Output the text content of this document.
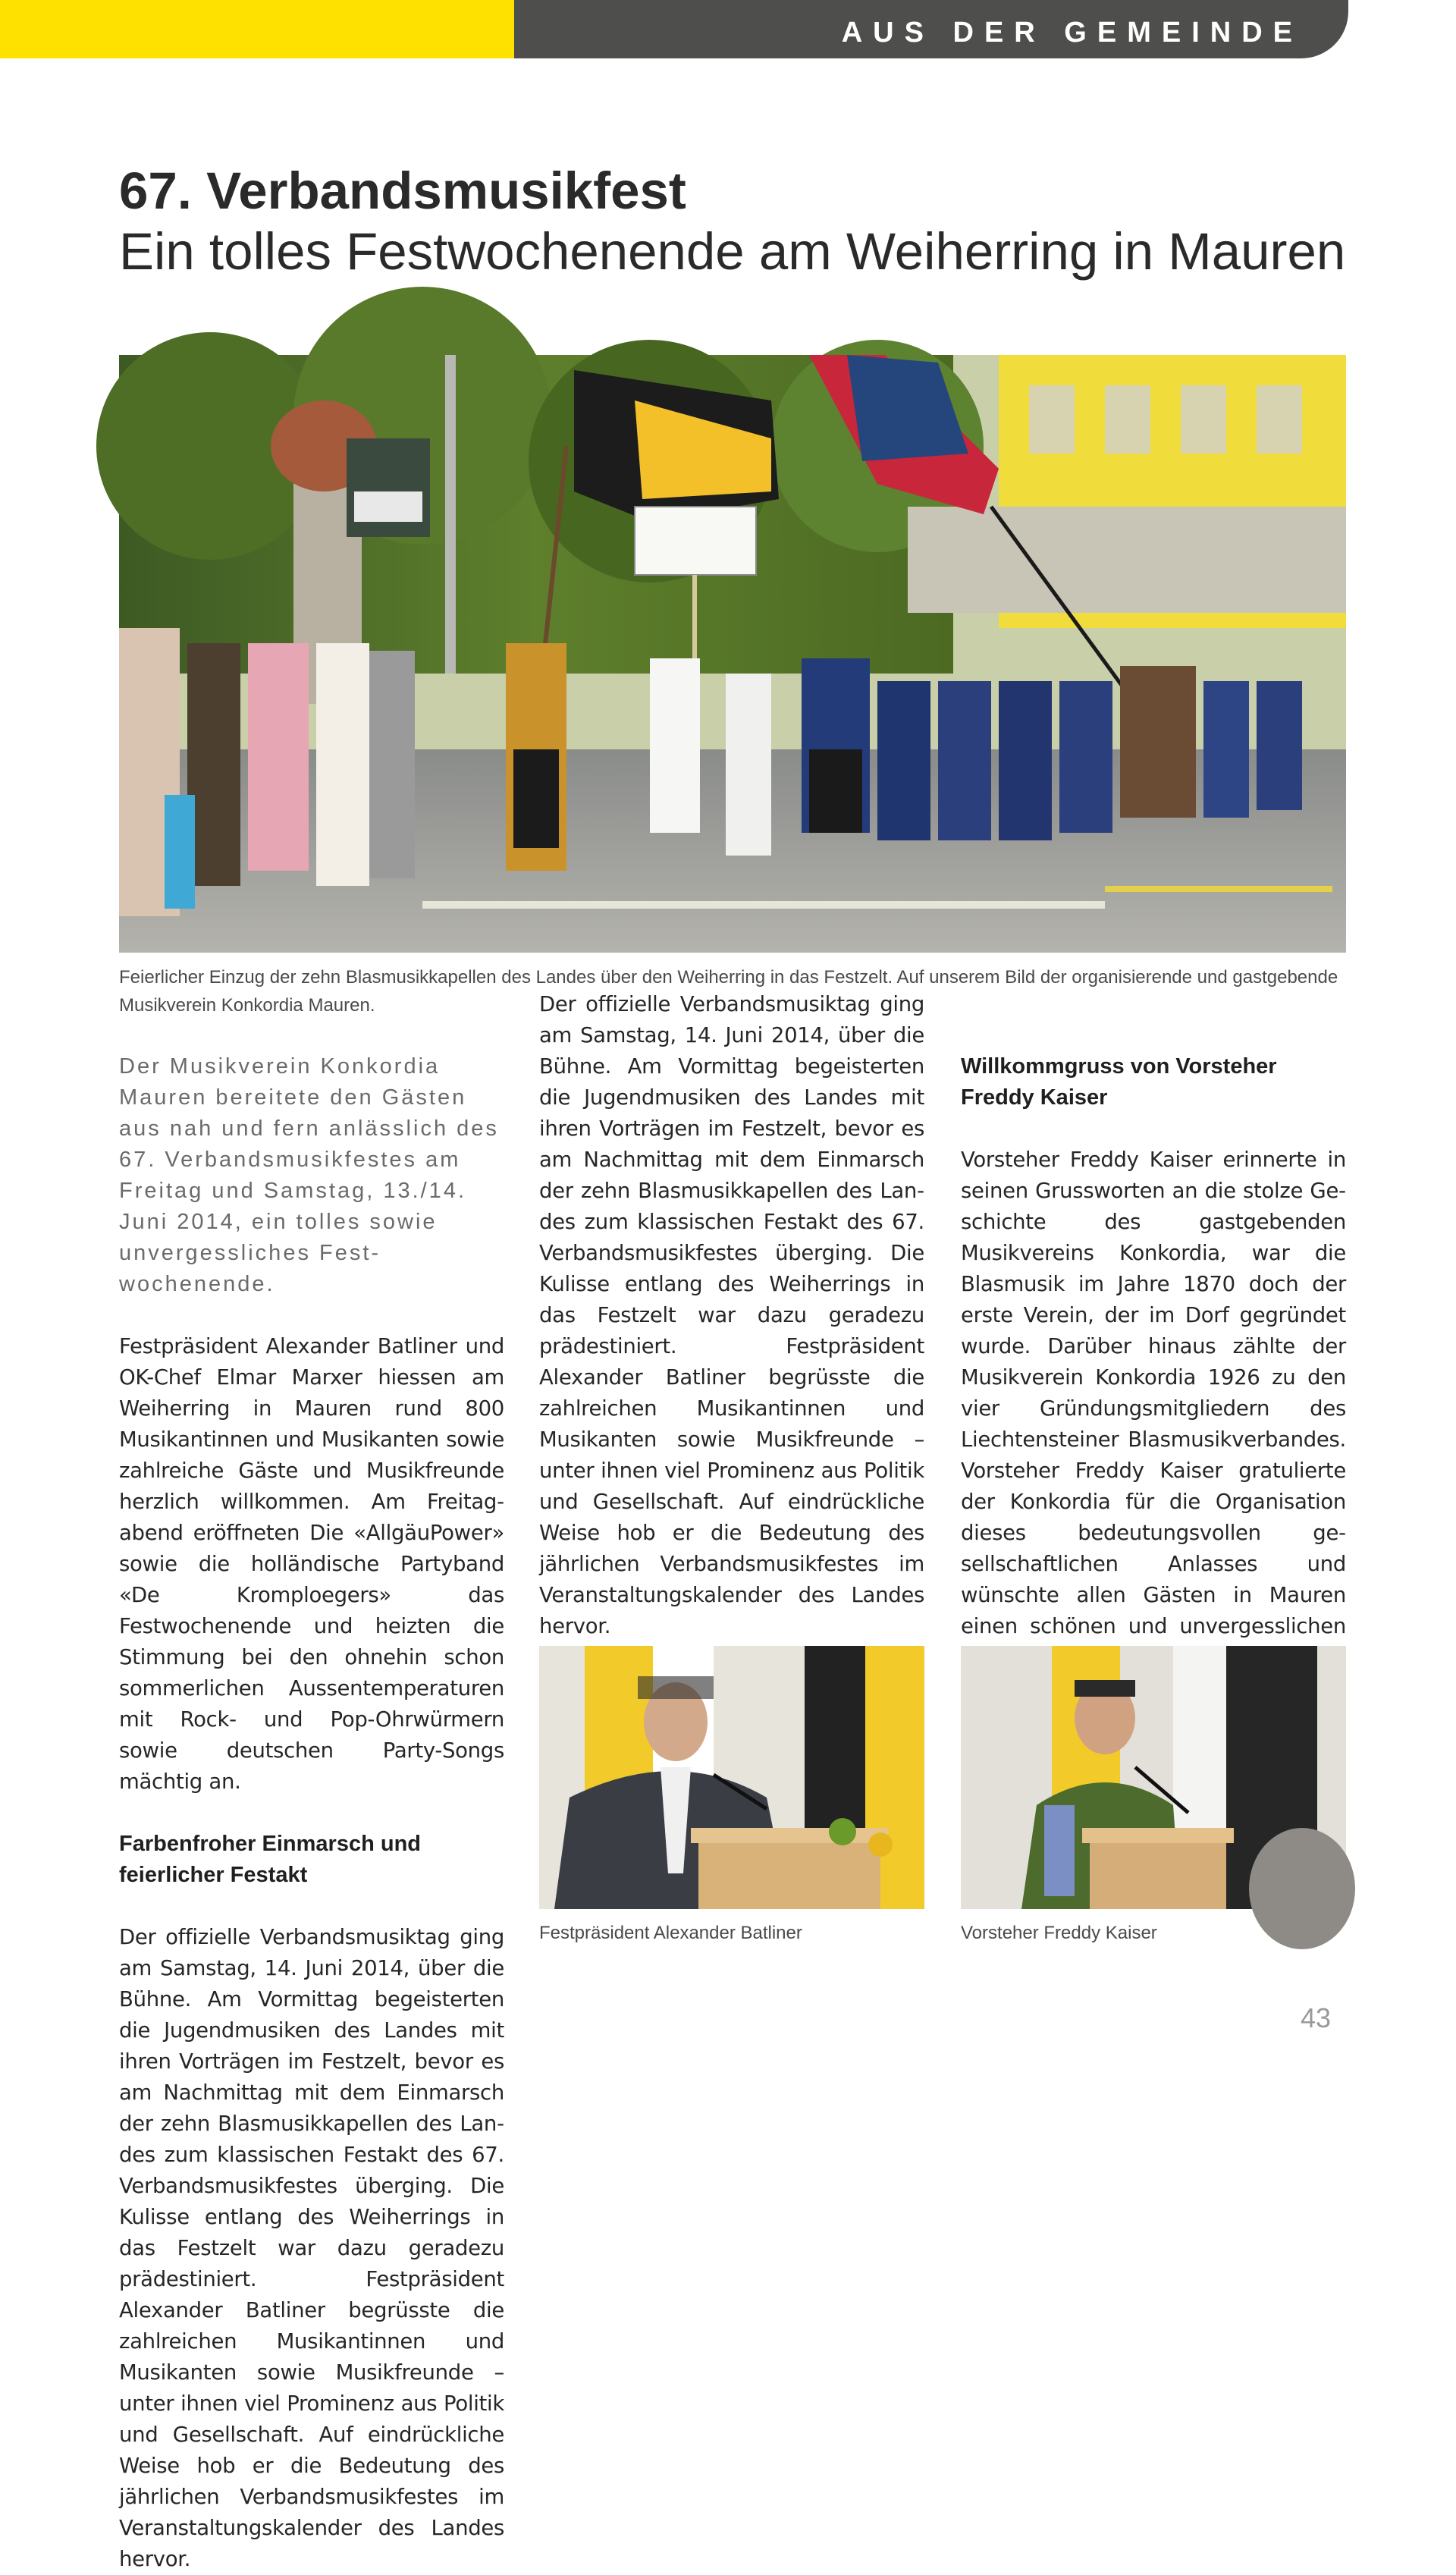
AUS DER GEMEINDE
67. Verbandsmusikfest
Ein tolles Festwochenende am Weiherring in Mauren

Feierlicher Einzug der zehn Blasmusikkapellen des Landes über den Weiherring in das Festzelt. Auf unserem Bild der organisierende und gastgebende Musikverein Konkordia Mauren.

Der Musikverein Konkordia Mauren bereitete den Gästen aus nah und fern anlässlich des 67. Verbandsmusikfestes am Freitag und Samstag, 13./14. Juni 2014, ein tolles sowie unvergessliches Festwochenende.

Festpräsident Alexander Batliner und OK-Chef Elmar Marxer hiessen am Weiherring in Mauren rund 800 Musikantinnen und Musikanten sowie zahlreiche Gäste und Musikfreunde herzlich willkommen. Am Freitagabend eröffneten Die «AllgäuPower» sowie die holländische Partyband «De Kromploegers» das Festwochenende und heizten die Stimmung bei den ohnehin schon sommerlichen Aussentemperaturen mit Rock- und Pop-Ohrwürmern sowie deutschen Party-Songs mächtig an.

Farbenfroher Einmarsch und feierlicher Festakt

Der offizielle Verbandsmusiktag ging am Samstag, 14. Juni 2014, über die Bühne. Am Vormittag begeisterten die Jugendmusiken des Landes mit ihren Vorträgen im Festzelt, bevor es am Nachmittag mit dem Einmarsch der zehn Blasmusikkapellen des Landes zum klassischen Festakt des 67. Verbandsmusikfestes überging. Die Kulisse entlang des Weiherrings in das Festzelt war dazu geradezu prädestiniert. Festpräsident Alexander Batliner begrüsste die zahlreichen Musikantinnen und Musikanten sowie Musikfreunde – unter ihnen viel Prominenz aus Politik und Gesellschaft. Auf eindrückliche Weise hob er die Bedeutung des jährlichen Verbandsmusikfestes im Veranstaltungskalender des Landes hervor.

Der offizielle Verbandsmusiktag ging am Samstag, 14. Juni 2014, über die Bühne. Am Vormittag begeisterten die Jugendmusiken des Landes mit ihren Vorträgen im Festzelt, bevor es am Nachmittag mit dem Einmarsch der zehn Blasmusikkapellen des Landes zum klassischen Festakt des 67. Verbandsmusikfestes überging. Die Kulisse entlang des Weiherrings in das Festzelt war dazu geradezu prädestiniert. Festpräsident Alexander Batliner begrüsste die zahlreichen Musikantinnen und Musikanten sowie Musikfreunde – unter ihnen viel Prominenz aus Politik und Gesellschaft. Auf eindrückliche Weise hob er die Bedeutung des jährlichen Verbandsmusikfestes im Veranstaltungskalender des Landes hervor.

Willkommgruss von Vorsteher Freddy Kaiser

Vorsteher Freddy Kaiser erinnerte in seinen Grussworten an die stolze Geschichte des gastgebenden Musikvereins Konkordia, war die Blasmusik im Jahre 1870 doch der erste Verein, der im Dorf gegründet wurde. Darüber hinaus zählte der Musikverein Konkordia 1926 zu den vier Gründungsmitgliedern des Liechtensteiner Blasmusikverbandes. Vorsteher Freddy Kaiser gratulierte der Konkordia für die Organisation dieses bedeutungsvollen gesellschaftlichen Anlasses und wünschte allen Gästen in Mauren einen schönen und unvergesslichen

Festpräsident Alexander Batliner	Vorsteher Freddy Kaiser

43
